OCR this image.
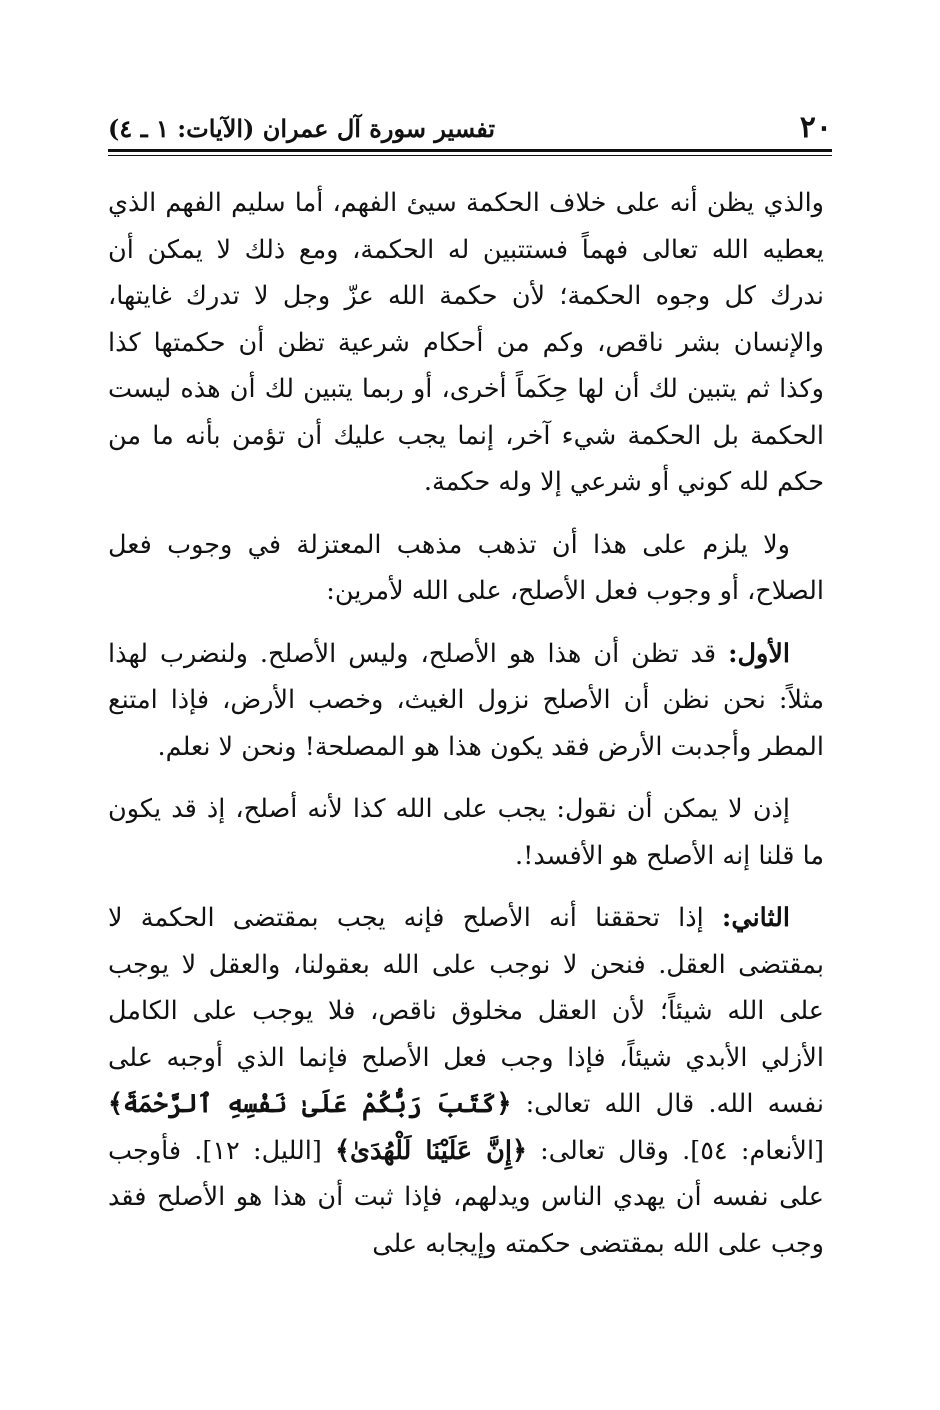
٢٠
تفسير سورة آل عمران (الآيات: ١ ـ ٤)

والذي يظن أنه على خلاف الحكمة سيئ الفهم، أما سليم الفهم الذي يعطيه الله تعالى فهماً فستتبين له الحكمة، ومع ذلك لا يمكن أن ندرك كل وجوه الحكمة؛ لأن حكمة الله عزّ وجل لا تدرك غايتها، والإنسان بشر ناقص، وكم من أحكام شرعية تظن أن حكمتها كذا وكذا ثم يتبين لك أن لها حِكَماً أخرى، أو ربما يتبين لك أن هذه ليست الحكمة بل الحكمة شيء آخر، إنما يجب عليك أن تؤمن بأنه ما من حكم لله كوني أو شرعي إلا وله حكمة.

ولا يلزم على هذا أن تذهب مذهب المعتزلة في وجوب فعل الصلاح، أو وجوب فعل الأصلح، على الله لأمرين:

الأول: قد تظن أن هذا هو الأصلح، وليس الأصلح. ولنضرب لهذا مثلاً: نحن نظن أن الأصلح نزول الغيث، وخصب الأرض، فإذا امتنع المطر وأجدبت الأرض فقد يكون هذا هو المصلحة! ونحن لا نعلم.

إذن لا يمكن أن نقول: يجب على الله كذا لأنه أصلح، إذ قد يكون ما قلنا إنه الأصلح هو الأفسد!.

الثاني: إذا تحققنا أنه الأصلح فإنه يجب بمقتضى الحكمة لا بمقتضى العقل. فنحن لا نوجب على الله بعقولنا، والعقل لا يوجب على الله شيئاً؛ لأن العقل مخلوق ناقص، فلا يوجب على الكامل الأزلي الأبدي شيئاً، فإذا وجب فعل الأصلح فإنما الذي أوجبه على نفسه الله. قال الله تعالى: ﴿كَتَبَ رَبُّكُمْ عَلَىٰ نَفْسِهِ ٱلرَّحْمَةَ﴾ [الأنعام: ٥٤]. وقال تعالى: ﴿إِنَّ عَلَيْنَا لَلْهُدَىٰ﴾ [الليل: ١٢]. فأوجب على نفسه أن يهدي الناس ويدلهم، فإذا ثبت أن هذا هو الأصلح فقد وجب على الله بمقتضى حكمته وإيجابه على
